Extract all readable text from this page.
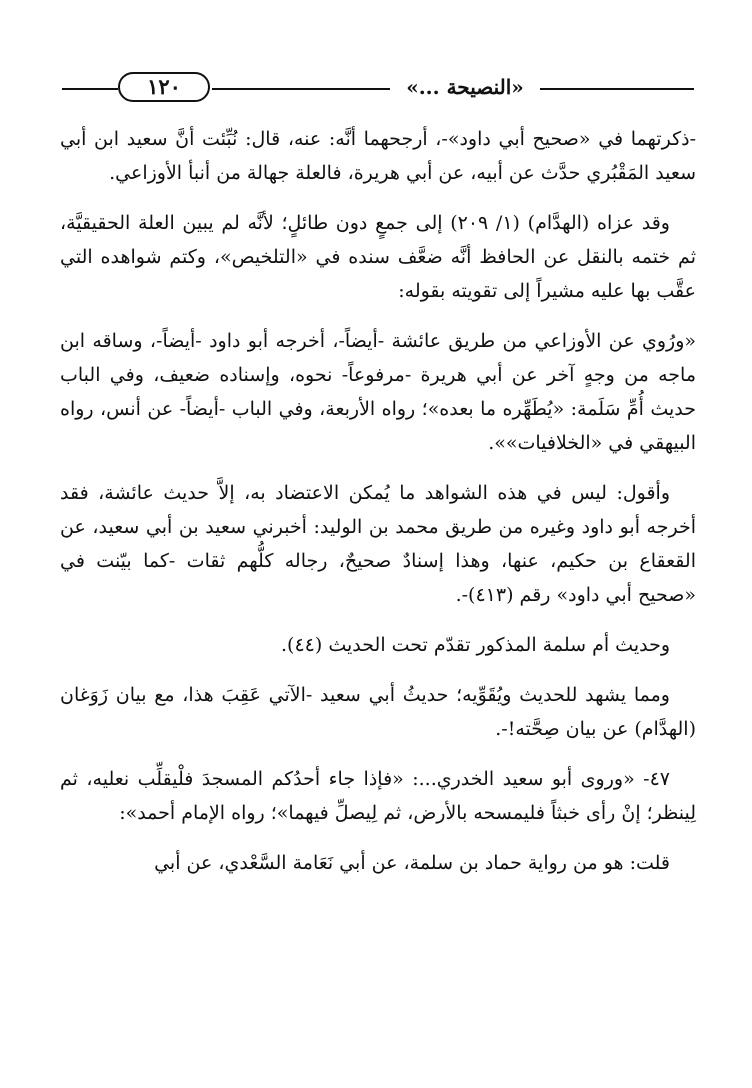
١٢٠	«النصيحة ...»

-ذكرتهما في «صحيح أبي داود»-، أرجحهما أنَّه: عنه، قال: نُبِّئت أنَّ سعيد ابن أبي سعيد المَقْبُري حدَّث عن أبيه، عن أبي هريرة، فالعلة جهالة من أنبأ الأوزاعي.

وقد عزاه (الهدَّام) (١/ ٢٠٩) إلى جمعٍ دون طائلٍ؛ لأنَّه لم يبين العلة الحقيقيَّة، ثم ختمه بالنقل عن الحافظ أنَّه ضعَّف سنده في «التلخيص»، وكتم شواهده التي عقَّب بها عليه مشيراً إلى تقويته بقوله:

«ورُوي عن الأوزاعي من طريق عائشة -أيضاً-، أخرجه أبو داود -أيضاً-، وساقه ابن ماجه من وجهٍ آخر عن أبي هريرة -مرفوعاً- نحوه، وإسناده ضعيف، وفي الباب حديث أُمِّ سَلَمة: «يُطَهِّره ما بعده»؛ رواه الأربعة، وفي الباب -أيضاً- عن أنس، رواه البيهقي في «الخلافيات»».

وأقول: ليس في هذه الشواهد ما يُمكن الاعتضاد به، إلاَّ حديث عائشة، فقد أخرجه أبو داود وغيره من طريق محمد بن الوليد: أخبرني سعيد بن أبي سعيد، عن القعقاع بن حكيم، عنها، وهذا إسنادٌ صحيحٌ، رجاله كلُّهم ثقات -كما بيّنت في «صحيح أبي داود» رقم (٤١٣)-.

وحديث أم سلمة المذكور تقدّم تحت الحديث (٤٤).

ومما يشهد للحديث ويُقَوِّيه؛ حديثُ أبي سعيد -الآتي عَقِبَ هذا، مع بيان زَوَغان (الهدَّام) عن بيان صِحَّته!-.

٤٧- «وروى أبو سعيد الخدري...: «فإذا جاء أحدُكم المسجدَ فلْيقلِّب نعليه، ثم لِينظر؛ إنْ رأى خبثاً فليمسحه بالأرض، ثم لِيصلِّ فيهما»؛ رواه الإمام أحمد»:

قلت: هو من رواية حماد بن سلمة، عن أبي نَعَامة السَّعْدي، عن أبي
